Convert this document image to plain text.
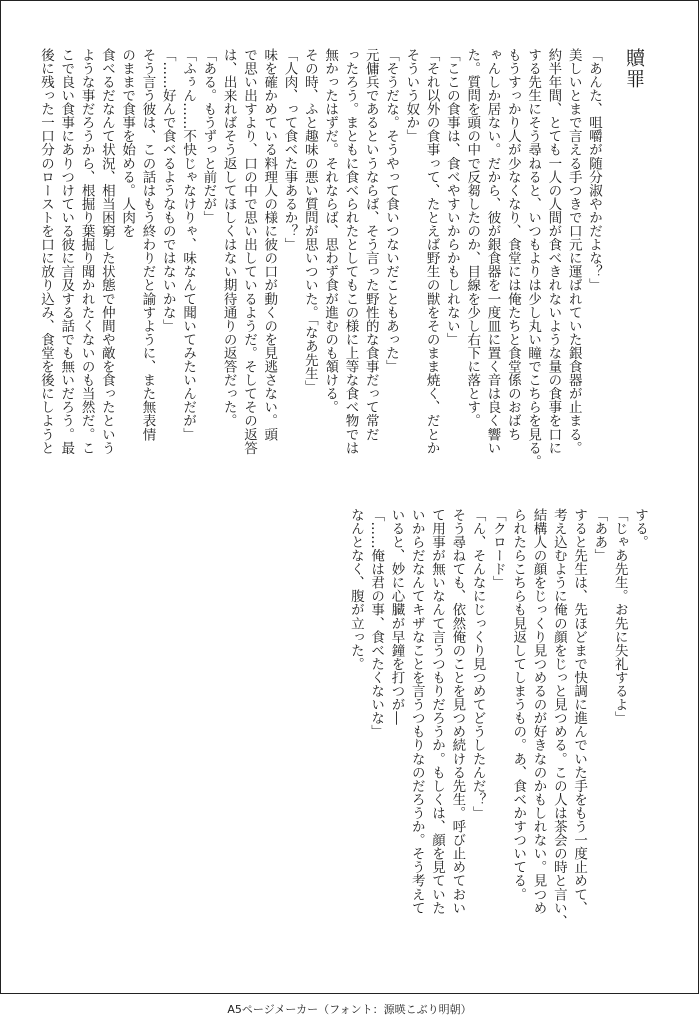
贖罪
「あんた、咀嚼が随分淑やかだよな？」
美しいとまで言える手つきで口元に運ばれていた銀食器が止まる。
約半年間、とても一人の人間が食べきれないような量の食事を口に
する先生にそう尋ねると、いつもよりは少し丸い瞳でこちらを見る。
もうすっかり人が少なくなり、食堂には俺たちと食堂係のおばち
ゃんしか居ない。だから、彼が銀食器を一度皿に置く音は良く響い
た。質問を頭の中で反芻したのか、目線を少し右下に落とす。
「ここの食事は、食べやすいからかもしれない」
「それ以外の食事って、たとえば野生の獣をそのまま焼く、だとか
そういう奴か」
「そうだな。そうやって食いつないだこともあった」
元傭兵であるというならば、そう言った野性的な食事だって常だ
ったろう。まともに食べられたとしてもこの様に上等な食べ物では
無かったはずだ。それならば、思わず食が進むのも頷ける。
その時、ふと趣味の悪い質問が思いついた。「なあ先生」
「人肉、って食べた事あるか？」
味を確かめている料理人の様に彼の口が動くのを見逃さない。頭
で思い出すより、口の中で思い出しているようだ。そしてその返答
は、出来ればそう返してほしくはない期待通りの返答だった。
「ある。もうずっと前だが」
「ふぅん……不快じゃなけりゃ、味なんて聞いてみたいんだが」
「……好んで食べるようなものではないかな」
そう言う彼は、この話はもう終わりだと諭すように、また無表情
のままで食事を始める。人肉を
食べるだなんて状況、相当困窮した状態で仲間や敵を食ったという
ような事だろうから、根掘り葉掘り聞かれたくないのも当然だ。こ
こで良い食事にありつけている彼に言及する話でも無いだろう。最
後に残った一口分のローストを口に放り込み、食堂を後にしようと
する。
「じゃあ先生。お先に失礼するよ」
「ああ」
すると先生は、先ほどまで快調に進んでいた手をもう一度止めて、
考え込むように俺の顔をじっと見つめる。この人は茶会の時と言い、
結構人の顔をじっくり見つめるのが好きなのかもしれない。見つめ
られたらこちらも見返してしまうもの。あ、食べかすついてる。
「クロード」
「ん、そんなにじっくり見つめてどうしたんだ？」
そう尋ねても、依然俺のことを見つめ続ける先生。呼び止めておい
て用事が無いなんて言うつもりだろうか。もしくは、顔を見ていた
いからだなんてキザなことを言うつもりなのだろうか。そう考えて
いると、妙に心臓が早鐘を打つが―
「……俺は君の事、食べたくないな」
なんとなく、腹が立った。
A5ページメーカー（フォント：源暎こぶり明朝）
